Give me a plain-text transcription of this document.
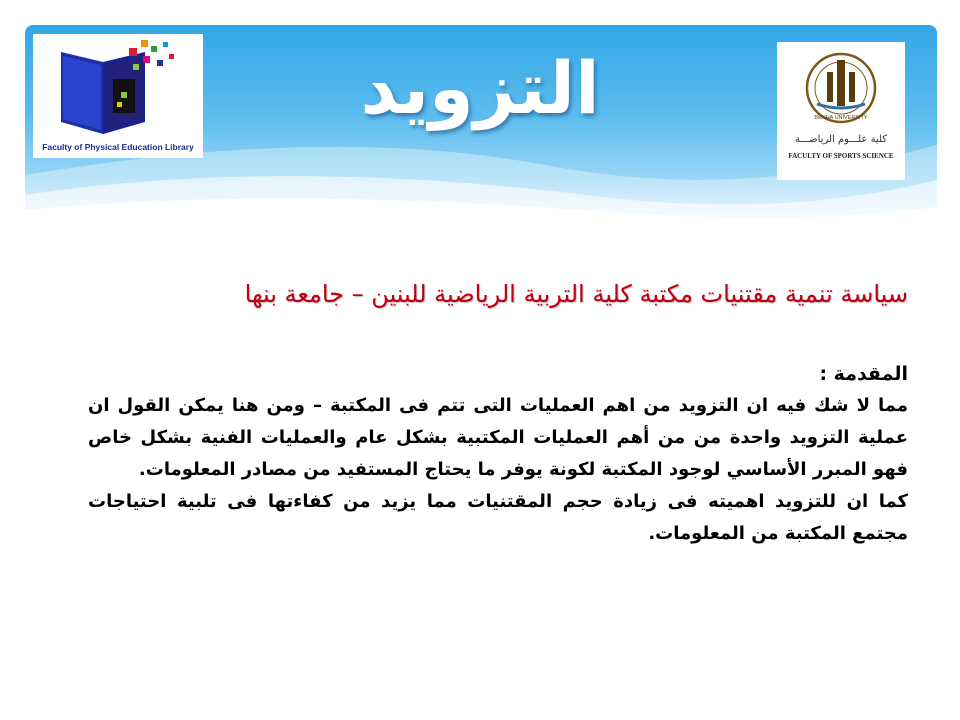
Faculty of Physical Education Library
التزويد	BENHA UNIVERSITY
كلية علـــوم الرياضـــة
FACULTY OF SPORTS SCIENCE
سياسة تنمية مقتنيات مكتبة كلية التربية الرياضية للبنين – جامعة بنها

المقدمة :

مما لا شك فيه ان التزويد من اهم العمليات التى تتم فى المكتبة – ومن هنا يمكن القول ان عملية التزويد واحدة من من أهم العمليات المكتبية بشكل عام والعمليات الفنية بشكل خاص فهو المبرر الأساسي لوجود المكتبة لكونة يوفر ما يحتاج المستفيد من مصادر المعلومات.

كما ان للتزويد اهميته فى زيادة حجم المقتنيات مما يزيد من كفاءتها فى تلبية احتياجات مجتمع المكتبة من المعلومات.
